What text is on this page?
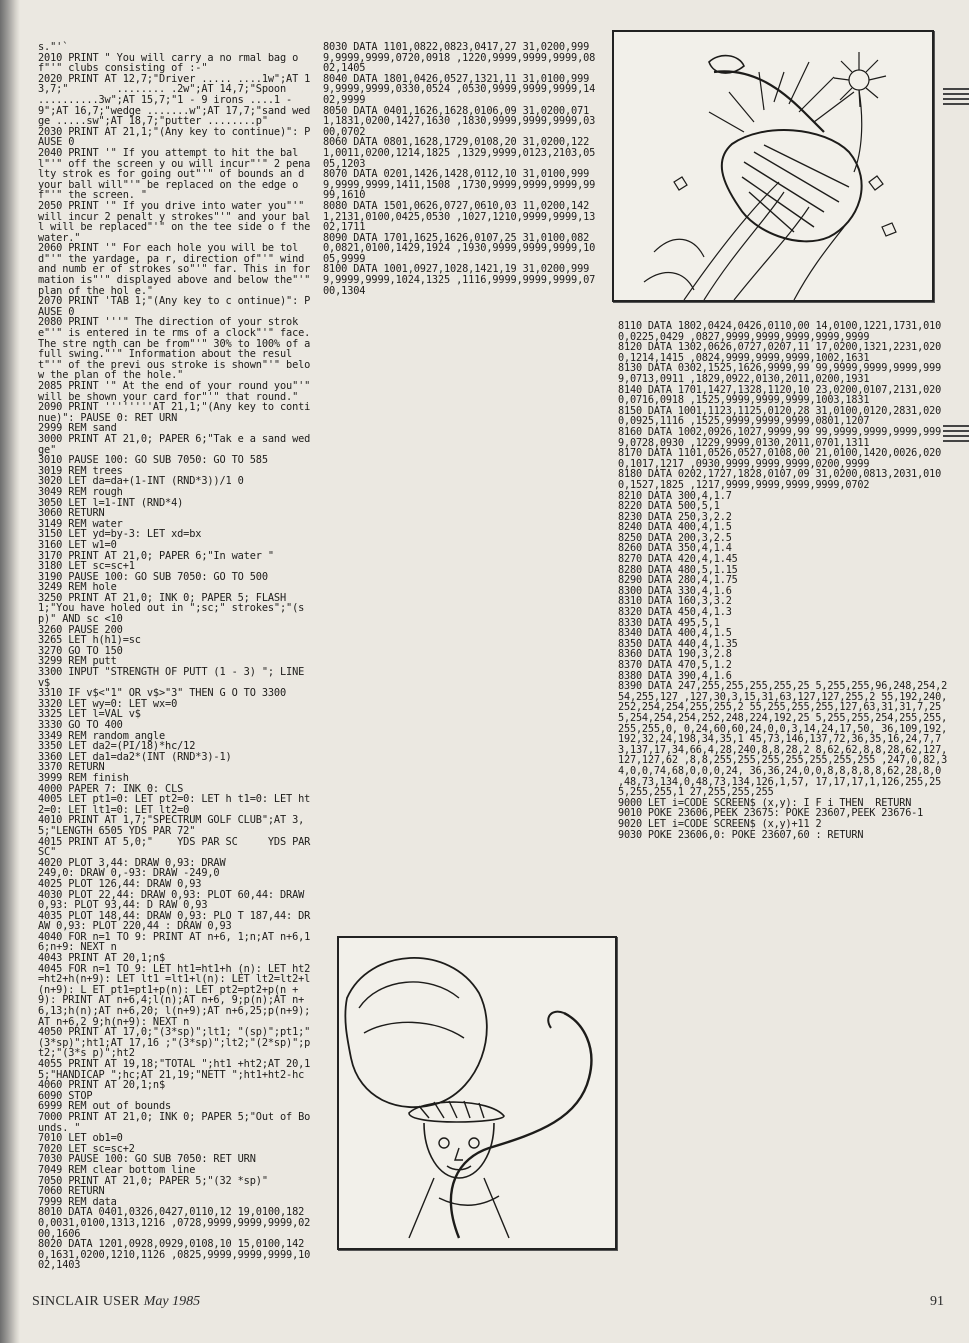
s."'`

2010 PRINT " You will carry a no rmal bag of"'" clubs consisting of :-"

2020 PRINT AT 12,7;"Driver ..... ....1w";AT 13,7;"        ........ .2w";AT 14,7;"Spoon ..........3w";AT 15,7;"1 - 9 irons ....1 - 9";AT 16,7;"wedge .......w";AT 17,7;"sand wedge .....sw";AT 18,7;"putter ........p"

2030 PRINT AT 21,1;"(Any key to continue)": PAUSE 0

2040 PRINT '" If you attempt to hit the ball"'" off the screen y ou will incur"'" 2 penalty strok es for going out"'" of bounds an d your ball will"'" be replaced on the edge of"'" the screen. "

2050 PRINT '" If you drive into water you"'" will incur 2 penalt y strokes"'" and your ball will be replaced"'" on the tee side o f the water."

2060 PRINT '" For each hole you will be told"'" the yardage, pa r, direction of"'" wind and numb er of strokes so"'" far. This in formation is"'" displayed above and below the"'" plan of the hol e."

2070 PRINT 'TAB 1;"(Any key to c ontinue)": PAUSE 0

2080 PRINT '''" The direction of your stroke"'" is entered in te rms of a clock"'" face. The stre ngth can be from"'" 30% to 100% of a full swing."'" Information about the result"'" of the previ ous stroke is shown"'" below the plan of the hole."

2085 PRINT '" At the end of your round you"'" will be shown your card for"'" that round."

2090 PRINT ''''''''AT 21,1;"(Any key to continue)": PAUSE 0: RET URN

2999 REM sand

3000 PRINT AT 21,0; PAPER 6;"Tak e a sand wedge"

3010 PAUSE 100: GO SUB 7050: GO TO 585

3019 REM trees

3020 LET da=da+(1-INT (RND*3))/1 0

3049 REM rough

3050 LET l=1-INT (RND*4)

3060 RETURN

3149 REM water

3150 LET yd=by-3: LET xd=bx

3160 LET w1=0

3170 PRINT AT 21,0; PAPER 6;"In water "

3180 LET sc=sc+1

3190 PAUSE 100: GO SUB 7050: GO TO 500

3249 REM hole

3250 PRINT AT 21,0; INK 0; PAPER 5; FLASH 1;"You have holed out in ";sc;" strokes";"(sp)" AND sc <10

3260 PAUSE 200

3265 LET h(h1)=sc

3270 GO TO 150

3299 REM putt

3300 INPUT "STRENGTH OF PUTT (1 - 3) "; LINE v$

3310 IF v$<"1" OR v$>"3" THEN G O TO 3300

3320 LET wy=0: LET wx=0

3325 LET l=VAL v$

3330 GO TO 400

3349 REM random angle

3350 LET da2=(PI/18)*hc/12

3360 LET da1=da2*(INT (RND*3)-1)

3370 RETURN

3999 REM finish

4000 PAPER 7: INK 0: CLS

4005 LET pt1=0: LET pt2=0: LET h t1=0: LET ht2=0: LET lt1=0: LET lt2=0

4010 PRINT AT 1,7;"SPECTRUM GOLF CLUB";AT 3,5;"LENGTH 6505 YDS PAR 72"

4015 PRINT AT 5,0;"    YDS PAR SC     YDS PAR  SC"

4020 PLOT 3,44: DRAW 0,93: DRAW

249,0: DRAW 0,-93: DRAW -249,0

4025 PLOT 126,44: DRAW 0,93

4030 PLOT 22,44: DRAW 0,93: PLOT 60,44: DRAW 0,93: PLOT 93,44: D RAW 0,93

4035 PLOT 148,44: DRAW 0,93: PLO T 187,44: DRAW 0,93: PLOT 220,44 : DRAW 0,93

4040 FOR n=1 TO 9: PRINT AT n+6, 1;n;AT n+6,16;n+9: NEXT n

4043 PRINT AT 20,1;n$

4045 FOR n=1 TO 9: LET ht1=ht1+h (n): LET ht2=ht2+h(n+9): LET lt1 =lt1+l(n): LET lt2=lt2+l(n+9): L ET pt1=pt1+p(n): LET pt2=pt2+p(n +9): PRINT AT n+6,4;l(n);AT n+6, 9;p(n);AT n+6,13;h(n);AT n+6,20; l(n+9);AT n+6,25;p(n+9);AT n+6,2 9;h(n+9): NEXT n

4050 PRINT AT 17,0;"(3*sp)";lt1; "(sp)";pt1;"(3*sp)";ht1;AT 17,16 ;"(3*sp)";lt2;"(2*sp)";pt2;"(3*s p)";ht2

4055 PRINT AT 19,18;"TOTAL ";ht1 +ht2;AT 20,15;"HANDICAP ";hc;AT 21,19;"NETT ";ht1+ht2-hc

4060 PRINT AT 20,1;n$

6090 STOP

6999 REM out of bounds

7000 PRINT AT 21,0; INK 0; PAPER 5;"Out of Bounds. "

7010 LET ob1=0

7020 LET sc=sc+2

7030 PAUSE 100: GO SUB 7050: RET URN

7049 REM clear bottom line

7050 PRINT AT 21,0; PAPER 5;"(32 *sp)"

7060 RETURN

7999 REM data

8010 DATA 0401,0326,0427,0110,12 19,0100,1820,0031,0100,1313,1216 ,0728,9999,9999,9999,0200,1606

8020 DATA 1201,0928,0929,0108,10 15,0100,1420,1631,0200,1210,1126 ,0825,9999,9999,9999,1002,1403

8030 DATA 1101,0822,0823,0417,27 31,0200,9999,9999,9999,0720,0918 ,1220,9999,9999,9999,0802,1405

8040 DATA 1801,0426,0527,1321,11 31,0100,9999,9999,9999,0330,0524 ,0530,9999,9999,9999,1402,9999

8050 DATA 0401,1626,1628,0106,09 31,0200,0711,1831,0200,1427,1630 ,1830,9999,9999,9999,0300,0702

8060 DATA 0801,1628,1729,0108,20 31,0200,1221,0011,0200,1214,1825 ,1329,9999,0123,2103,0505,1203

8070 DATA 0201,1426,1428,0112,10 31,0100,9999,9999,9999,1411,1508 ,1730,9999,9999,9999,9999,1610

8080 DATA 1501,0626,0727,0610,03 11,0200,1421,2131,0100,0425,0530 ,1027,1210,9999,9999,1302,1711

8090 DATA 1701,1625,1626,0107,25 31,0100,0820,0821,0100,1429,1924 ,1930,9999,9999,9999,1005,9999

8100 DATA 1001,0927,1028,1421,19 31,0200,9999,9999,9999,1024,1325 ,1116,9999,9999,9999,0700,1304

8110 DATA 1802,0424,0426,0110,00 14,0100,1221,1731,0100,0225,0429 ,0827,9999,9999,9999,9999,9999

8120 DATA 1302,0626,0727,0207,11 17,0200,1321,2231,0200,1214,1415 ,0824,9999,9999,9999,1002,1631

8130 DATA 0302,1525,1626,9999,99 99,9999,9999,9999,9999,0713,0911 ,1829,0922,0130,2011,0200,1931

8140 DATA 1701,1427,1328,1120,10 23,0200,0107,2131,0200,0716,0918 ,1525,9999,9999,9999,1003,1831

8150 DATA 1001,1123,1125,0120,28 31,0100,0120,2831,0200,0925,1116 ,1525,9999,9999,9999,0801,1207

8160 DATA 1002,0926,1027,9999,99 99,9999,9999,9999,9999,0728,0930 ,1229,9999,0130,2011,0701,1311

8170 DATA 1101,0526,0527,0108,00 21,0100,1420,0026,0200,1017,1217 ,0930,9999,9999,9999,0200,9999

8180 DATA 0202,1727,1828,0107,09 31,0200,0813,2031,0100,1527,1825 ,1217,9999,9999,9999,9999,0702

8210 DATA 300,4,1.7

8220 DATA 500,5,1

8230 DATA 250,3,2.2

8240 DATA 400,4,1.5

8250 DATA 200,3,2.5

8260 DATA 350,4,1.4

8270 DATA 420,4,1.45

8280 DATA 480,5,1.15

8290 DATA 280,4,1.75

8300 DATA 330,4,1.6

8310 DATA 160,3,3.2

8320 DATA 450,4,1.3

8330 DATA 495,5,1

8340 DATA 400,4,1.5

8350 DATA 440,4,1.35

8360 DATA 190,3,2.8

8370 DATA 470,5,1.2

8380 DATA 390,4,1.6

8390 DATA 247,255,255,255,255,25 5,255,255,96,248,254,254,255,127 ,127,30,3,15,31,63,127,127,255,2 55,192,240,252,254,254,255,255,2 55,255,255,255,127,63,31,31,7,25 5,254,254,254,252,248,224,192,25 5,255,255,254,255,255,255,255,0, 0,24,60,60,24,0,0,3,14,24,17,50, 36,109,192,192,32,24,198,34,35,1 45,73,146,137,72,36,35,16,24,7,7 3,137,17,34,66,4,28,240,8,8,28,2 8,62,62,8,8,28,62,127,127,127,62 ,8,8,255,255,255,255,255,255,255 ,247,0,82,34,0,0,74,68,0,0,0,24, 36,36,24,0,0,8,8,8,8,8,62,28,8,0 ,48,73,134,0,48,73,134,126,1,57, 17,17,17,1,126,255,255,255,255,1 27,255,255,255

9000 LET i=CODE SCREEN$ (x,y): I F i THEN  RETURN

9010 POKE 23606,PEEK 23675: POKE 23607,PEEK 23676-1

9020 LET i=CODE SCREEN$ (x,y)+11 2

9030 POKE 23606,0: POKE 23607,60 : RETURN

SINCLAIR USER May 1985	91
